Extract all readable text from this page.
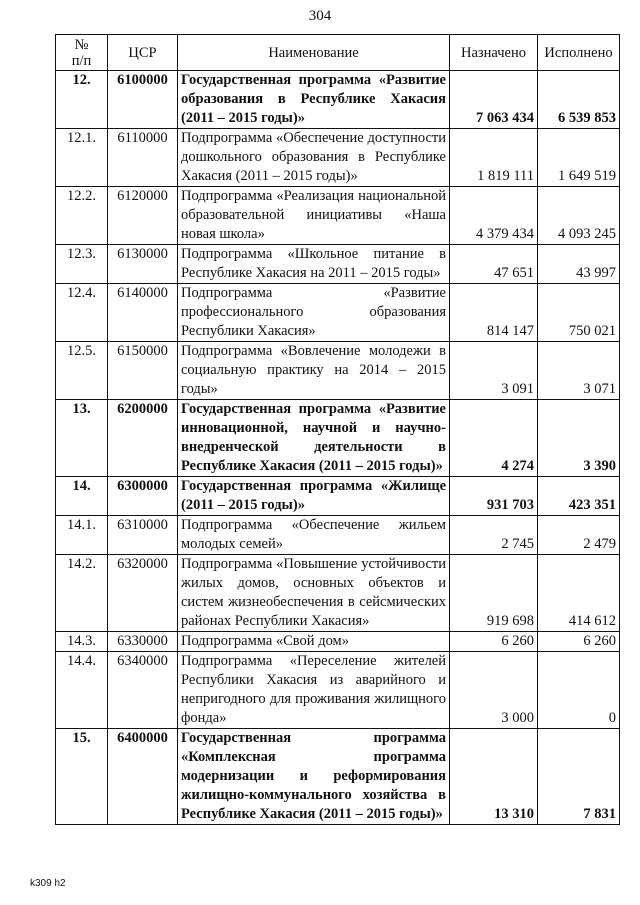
304
№
п/п	ЦСР	Наименование	Назначено	Исполнено
12.	6100000	Государственная программа «Развитие образования в Республике Хакасия (2011 – 2015 годы)»	7 063 434	6 539 853
12.1.	6110000	Подпрограмма «Обеспечение доступности дошкольного образования в Республике Хакасия (2011 – 2015 годы)»	1 819 111	1 649 519
12.2.	6120000	Подпрограмма «Реализация национальной образовательной инициативы «Наша новая школа»	4 379 434	4 093 245
12.3.	6130000	Подпрограмма «Школьное питание в Республике Хакасия на 2011 – 2015 годы»	47 651	43 997
12.4.	6140000	Подпрограмма «Развитие профессионального образования Республики Хакасия»	814 147	750 021
12.5.	6150000	Подпрограмма «Вовлечение молодежи в социальную практику на 2014 – 2015 годы»	3 091	3 071
13.	6200000	Государственная программа «Развитие инновационной, научной и научно-внедренческой деятельности в Республике Хакасия (2011 – 2015 годы)»	4 274	3 390
14.	6300000	Государственная программа «Жилище (2011 – 2015 годы)»	931 703	423 351
14.1.	6310000	Подпрограмма «Обеспечение жильем молодых семей»	2 745	2 479
14.2.	6320000	Подпрограмма «Повышение устойчивости жилых домов, основных объектов и систем жизнеобеспечения в сейсмических районах Республики Хакасия»	919 698	414 612
14.3.	6330000	Подпрограмма «Свой дом»	6 260	6 260
14.4.	6340000	Подпрограмма «Переселение жителей Республики Хакасия из аварийного и непригодного для проживания жилищного фонда»	3 000	0
15.	6400000	Государственная программа «Комплексная программа модернизации и реформирования жилищно-коммунального хозяйства в Республике Хакасия (2011 – 2015 годы)»	13 310	7 831
k309 h2
